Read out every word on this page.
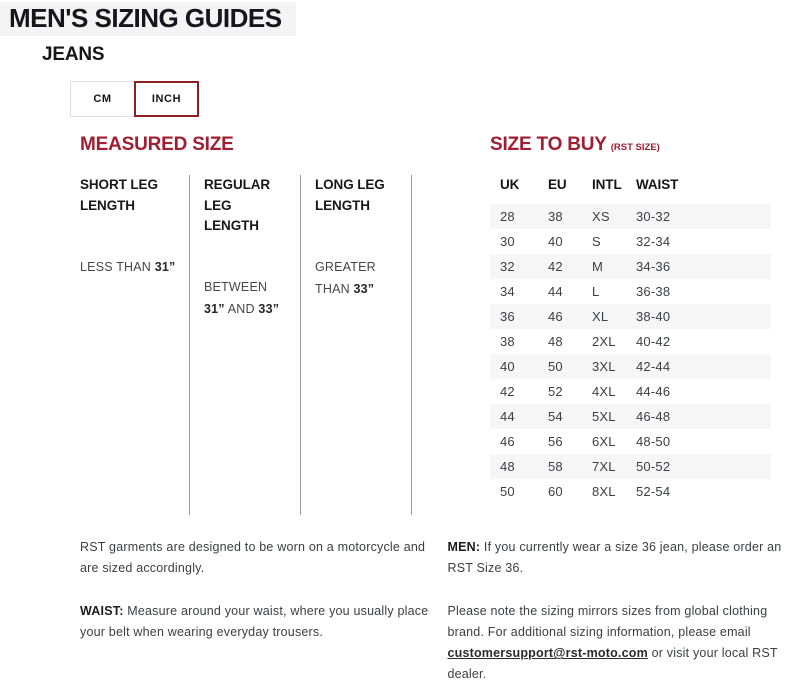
MEN'S SIZING GUIDES
JEANS
CM	INCH
MEASURED SIZE
SHORT LEG LENGTH

LESS THAN 31”

REGULAR LEG LENGTH

BETWEEN
31” AND 33”

LONG LEG LENGTH

GREATER
THAN 33”

SIZE TO BUY (RST SIZE)
UK	EU	INTL	WAIST
28	38	XS	30-32
30	40	S	32-34
32	42	M	34-36
34	44	L	36-38
36	46	XL	38-40
38	48	2XL	40-42
40	50	3XL	42-44
42	52	4XL	44-46
44	54	5XL	46-48
46	56	6XL	48-50
48	58	7XL	50-52
50	60	8XL	52-54

RST garments are designed to be worn on a motorcycle and are sized accordingly.

WAIST: Measure around your waist, where you usually place your belt when wearing everyday trousers.

MEN: If you currently wear a size 36 jean, please order an RST Size 36.

Please note the sizing mirrors sizes from global clothing brand. For additional sizing information, please email customersupport@rst-moto.com or visit your local RST dealer.
